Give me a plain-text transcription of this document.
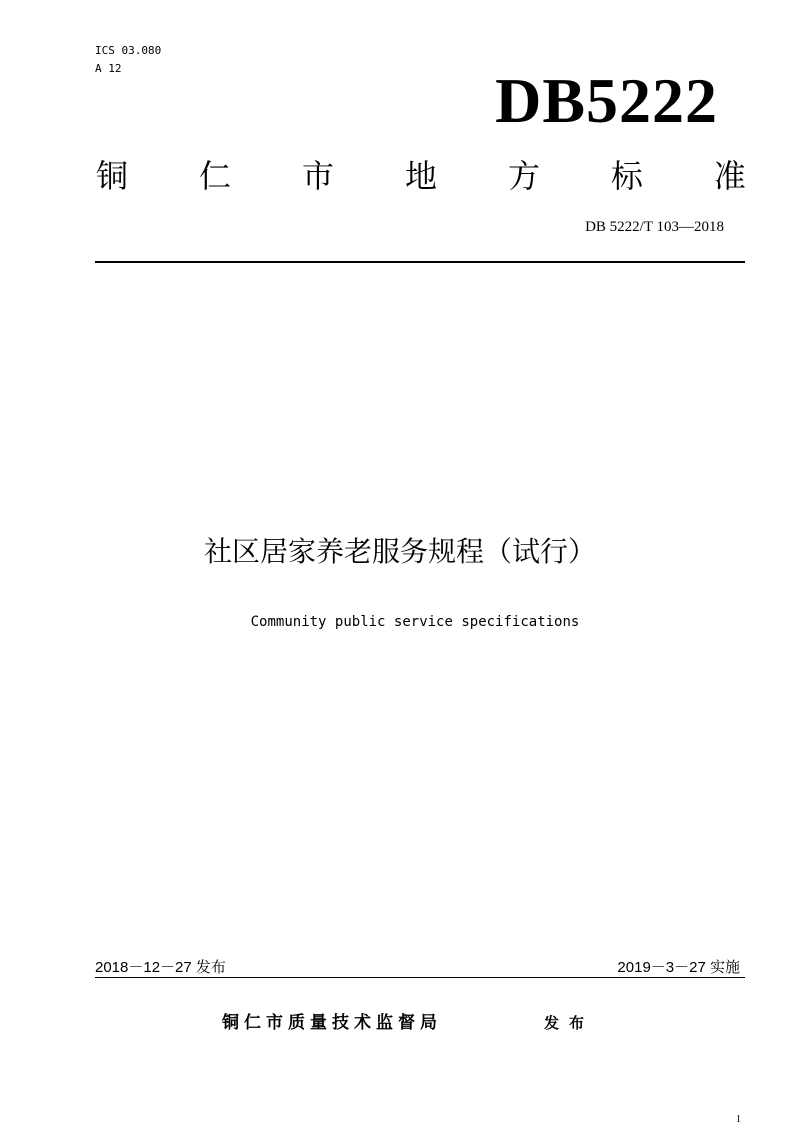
ICS 03.080
A 12	DB5222
铜 仁 市 地 方 标 准
DB 5222/T 103—2018
社区居家养老服务规程（试行）
Community public service specifications
2018－12－27 发布	2019－3－27 实施
铜仁市质量技术监督局	发布
1
